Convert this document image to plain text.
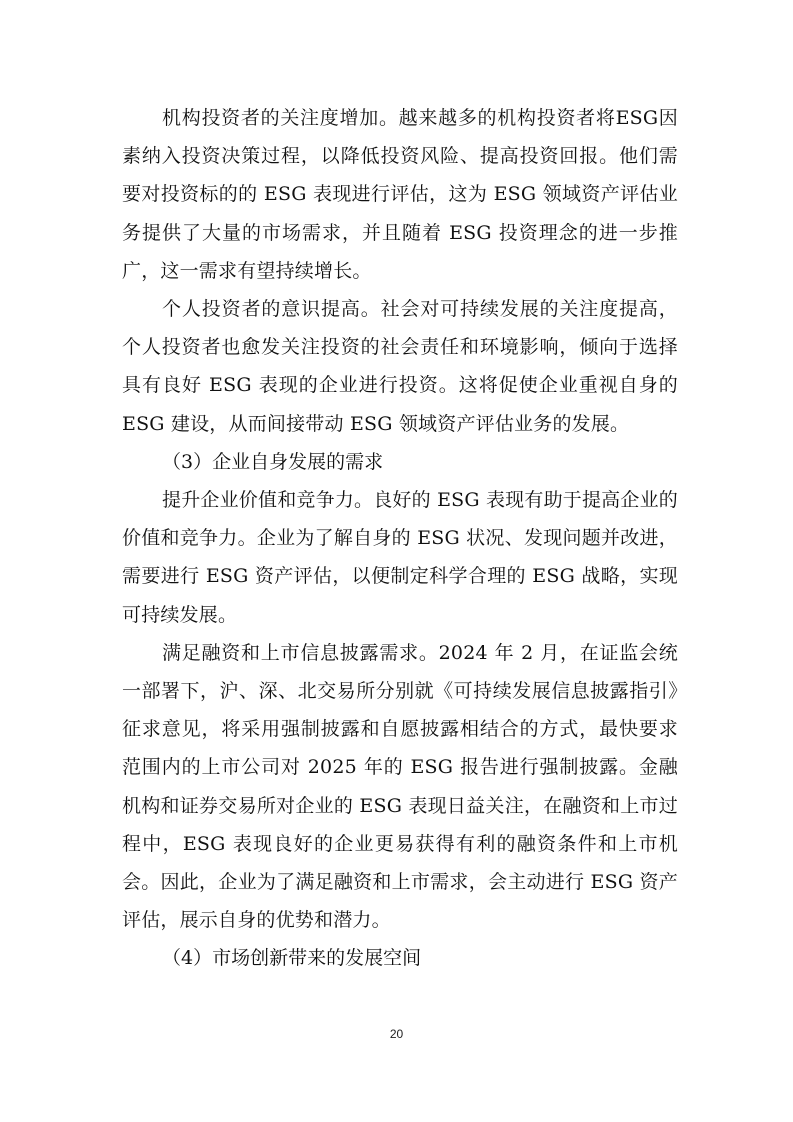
机构投资者的关注度增加。越来越多的机构投资者将ESG因素纳入投资决策过程，以降低投资风险、提高投资回报。他们需要对投资标的的 ESG 表现进行评估，这为 ESG 领域资产评估业务提供了大量的市场需求，并且随着 ESG 投资理念的进一步推广，这一需求有望持续增长。

个人投资者的意识提高。社会对可持续发展的关注度提高，个人投资者也愈发关注投资的社会责任和环境影响，倾向于选择具有良好 ESG 表现的企业进行投资。这将促使企业重视自身的 ESG 建设，从而间接带动 ESG 领域资产评估业务的发展。

（3）企业自身发展的需求

提升企业价值和竞争力。良好的 ESG 表现有助于提高企业的价值和竞争力。企业为了解自身的 ESG 状况、发现问题并改进，需要进行 ESG 资产评估，以便制定科学合理的 ESG 战略，实现可持续发展。

满足融资和上市信息披露需求。2024 年 2 月，在证监会统一部署下，沪、深、北交易所分别就《可持续发展信息披露指引》征求意见，将采用强制披露和自愿披露相结合的方式，最快要求范围内的上市公司对 2025 年的 ESG 报告进行强制披露。金融机构和证券交易所对企业的 ESG 表现日益关注，在融资和上市过程中，ESG 表现良好的企业更易获得有利的融资条件和上市机会。因此，企业为了满足融资和上市需求，会主动进行 ESG 资产评估，展示自身的优势和潜力。

（4）市场创新带来的发展空间

20
